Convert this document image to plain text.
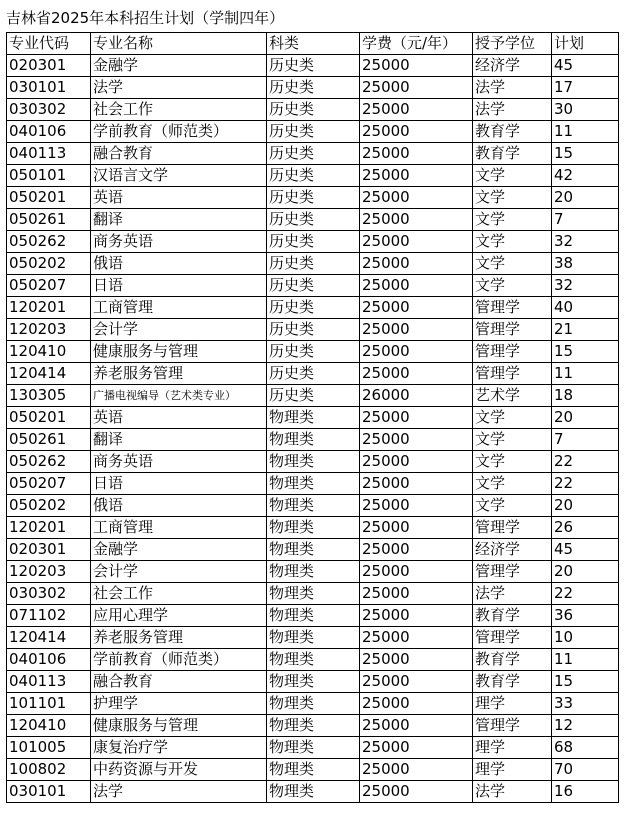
吉林省2025年本科招生计划（学制四年）
专业代码	专业名称	科类	学费（元/年）	授予学位	计划
020301	金融学	历史类	25000	经济学	45
030101	法学	历史类	25000	法学	17
030302	社会工作	历史类	25000	法学	30
040106	学前教育（师范类）	历史类	25000	教育学	11
040113	融合教育	历史类	25000	教育学	15
050101	汉语言文学	历史类	25000	文学	42
050201	英语	历史类	25000	文学	20
050261	翻译	历史类	25000	文学	7
050262	商务英语	历史类	25000	文学	32
050202	俄语	历史类	25000	文学	38
050207	日语	历史类	25000	文学	32
120201	工商管理	历史类	25000	管理学	40
120203	会计学	历史类	25000	管理学	21
120410	健康服务与管理	历史类	25000	管理学	15
120414	养老服务管理	历史类	25000	管理学	11
130305	广播电视编导（艺术类专业）	历史类	26000	艺术学	18
050201	英语	物理类	25000	文学	20
050261	翻译	物理类	25000	文学	7
050262	商务英语	物理类	25000	文学	22
050207	日语	物理类	25000	文学	22
050202	俄语	物理类	25000	文学	20
120201	工商管理	物理类	25000	管理学	26
020301	金融学	物理类	25000	经济学	45
120203	会计学	物理类	25000	管理学	20
030302	社会工作	物理类	25000	法学	22
071102	应用心理学	物理类	25000	教育学	36
120414	养老服务管理	物理类	25000	管理学	10
040106	学前教育（师范类）	物理类	25000	教育学	11
040113	融合教育	物理类	25000	教育学	15
101101	护理学	物理类	25000	理学	33
120410	健康服务与管理	物理类	25000	管理学	12
101005	康复治疗学	物理类	25000	理学	68
100802	中药资源与开发	物理类	25000	理学	70
030101	法学	物理类	25000	法学	16
